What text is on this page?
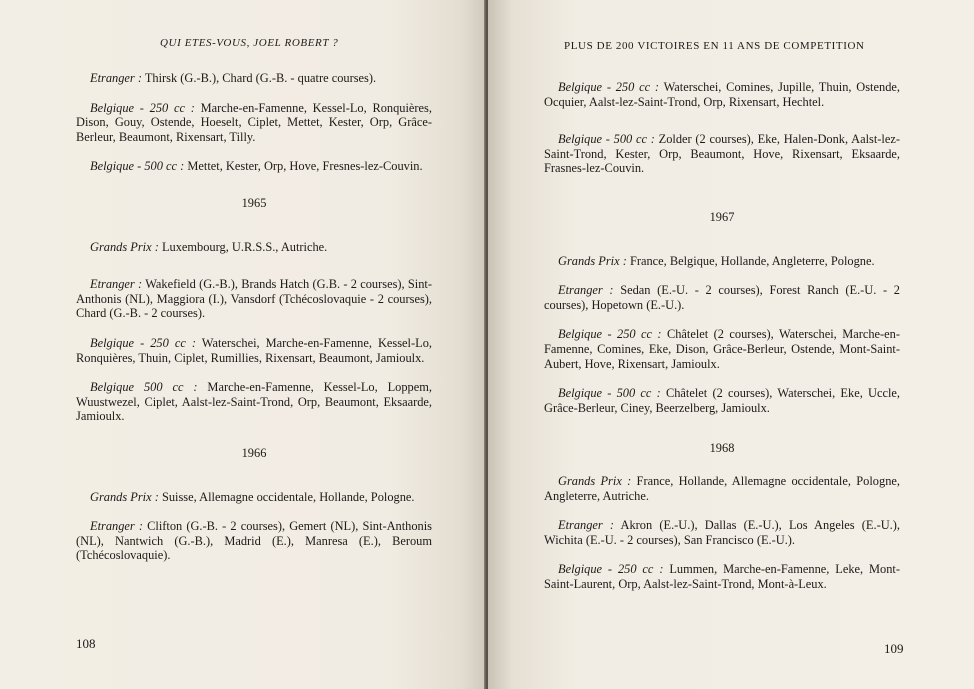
QUI ETES-VOUS, JOEL ROBERT ?

Etranger : Thirsk (G.-B.), Chard (G.-B. - quatre courses).

Belgique - 250 cc : Marche-en-Famenne, Kessel-Lo, Ronquières, Dison, Gouy, Ostende, Hoeselt, Ciplet, Mettet, Kester, Orp, Grâce-Berleur, Beaumont, Rixensart, Tilly.

Belgique - 500 cc : Mettet, Kester, Orp, Hove, Fresnes-lez-Couvin.

1965

Grands Prix : Luxembourg, U.R.S.S., Autriche.

Etranger : Wakefield (G.-B.), Brands Hatch (G.B. - 2 courses), Sint-Anthonis (NL), Maggiora (I.), Vansdorf (Tchécoslovaquie - 2 courses), Chard (G.-B. - 2 courses).

Belgique - 250 cc : Waterschei, Marche-en-Famenne, Kessel-Lo, Ronquières, Thuin, Ciplet, Rumillies, Rixensart, Beaumont, Jamioulx.

Belgique 500 cc : Marche-en-Famenne, Kessel-Lo, Loppem, Wuustwezel, Ciplet, Aalst-lez-Saint-Trond, Orp, Beaumont, Eksaarde, Jamioulx.

1966

Grands Prix : Suisse, Allemagne occidentale, Hollande, Pologne.

Etranger : Clifton (G.-B. - 2 courses), Gemert (NL), Sint-Anthonis (NL), Nantwich (G.-B.), Madrid (E.), Manresa (E.), Beroum (Tchécoslovaquie).

108
PLUS DE 200 VICTOIRES EN 11 ANS DE COMPETITION

Belgique - 250 cc : Waterschei, Comines, Jupille, Thuin, Ostende, Ocquier, Aalst-lez-Saint-Trond, Orp, Rixensart, Hechtel.

Belgique - 500 cc : Zolder (2 courses), Eke, Halen-Donk, Aalst-lez-Saint-Trond, Kester, Orp, Beaumont, Hove, Rixensart, Eksaarde, Frasnes-lez-Couvin.

1967

Grands Prix : France, Belgique, Hollande, Angleterre, Pologne.

Etranger : Sedan (E.-U. - 2 courses), Forest Ranch (E.-U. - 2 courses), Hopetown (E.-U.).

Belgique - 250 cc : Châtelet (2 courses), Waterschei, Marche-en-Famenne, Comines, Eke, Dison, Grâce-Berleur, Ostende, Mont-Saint-Aubert, Hove, Rixensart, Jamioulx.

Belgique - 500 cc : Châtelet (2 courses), Waterschei, Eke, Uccle, Grâce-Berleur, Ciney, Beerzelberg, Jamioulx.

1968

Grands Prix : France, Hollande, Allemagne occidentale, Pologne, Angleterre, Autriche.

Etranger : Akron (E.-U.), Dallas (E.-U.), Los Angeles (E.-U.), Wichita (E.-U. - 2 courses), San Francisco (E.-U.).

Belgique - 250 cc : Lummen, Marche-en-Famenne, Leke, Mont-Saint-Laurent, Orp, Aalst-lez-Saint-Trond, Mont-à-Leux.

109
